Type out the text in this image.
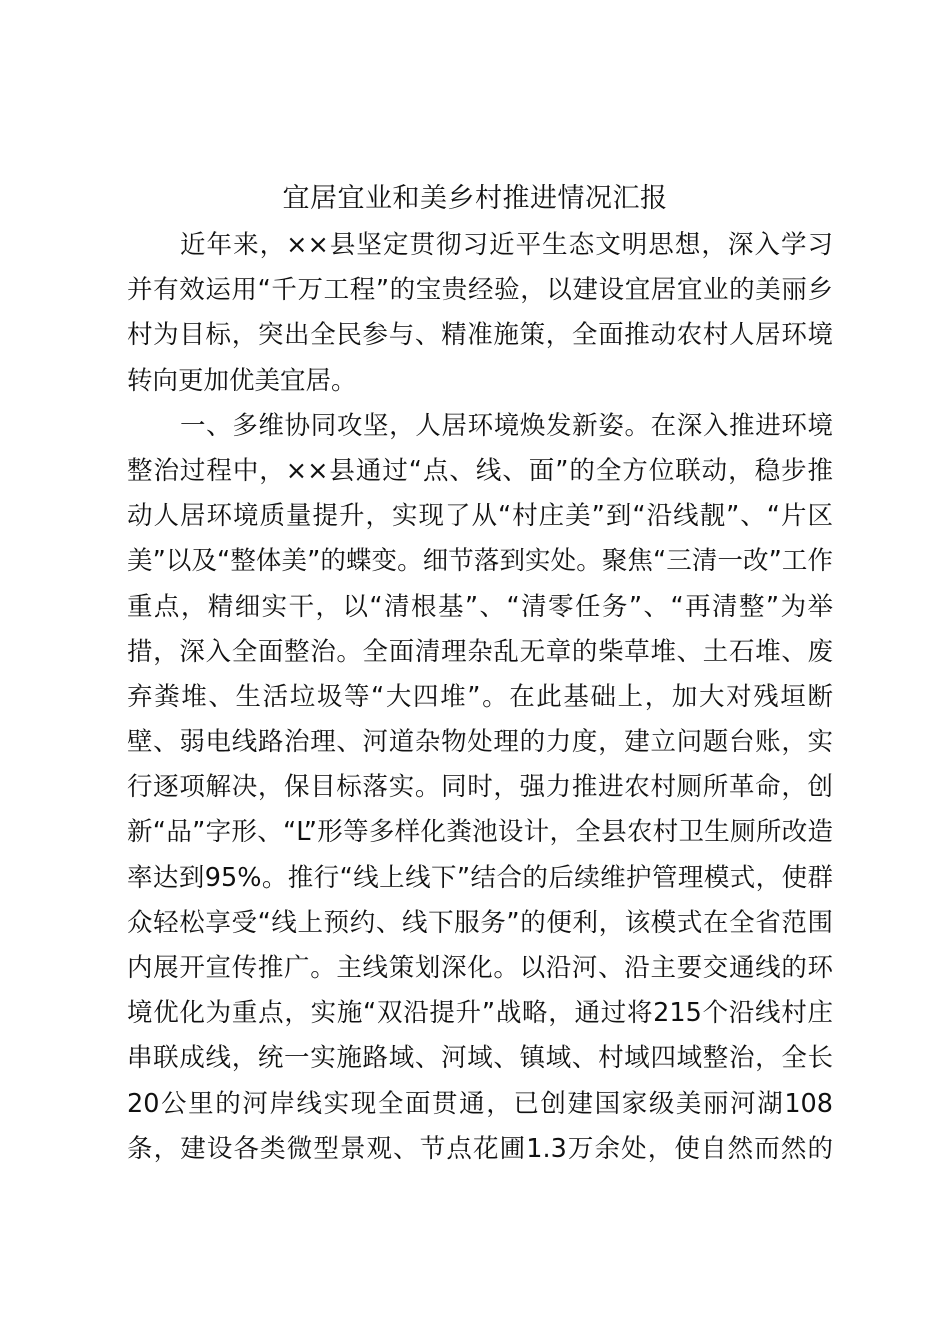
宜居宜业和美乡村推进情况汇报
近年来，××县坚定贯彻习近平生态文明思想，深入学习
并有效运用“千万工程”的宝贵经验，以建设宜居宜业的美丽乡
村为目标，突出全民参与、精准施策，全面推动农村人居环境
转向更加优美宜居。
一、多维协同攻坚，人居环境焕发新姿。在深入推进环境
整治过程中，××县通过“点、线、面”的全方位联动，稳步推
动人居环境质量提升，实现了从“村庄美”到“沿线靓”、“片区
美”以及“整体美”的蝶变。细节落到实处。聚焦“三清一改”工作
重点，精细实干，以“清根基”、“清零任务”、“再清整”为举
措，深入全面整治。全面清理杂乱无章的柴草堆、土石堆、废
弃粪堆、生活垃圾等“大四堆”。在此基础上，加大对残垣断
壁、弱电线路治理、河道杂物处理的力度，建立问题台账，实
行逐项解决，保目标落实。同时，强力推进农村厕所革命，创
新“品”字形、“L”形等多样化粪池设计，全县农村卫生厕所改造
率达到95%。推行“线上线下”结合的后续维护管理模式，使群
众轻松享受“线上预约、线下服务”的便利，该模式在全省范围
内展开宣传推广。主线策划深化。以沿河、沿主要交通线的环
境优化为重点，实施“双沿提升”战略，通过将215个沿线村庄
串联成线，统一实施路域、河域、镇域、村域四域整治，全长
20公里的河岸线实现全面贯通，已创建国家级美丽河湖108
条，建设各类微型景观、节点花圃1.3万余处，使自然而然的
